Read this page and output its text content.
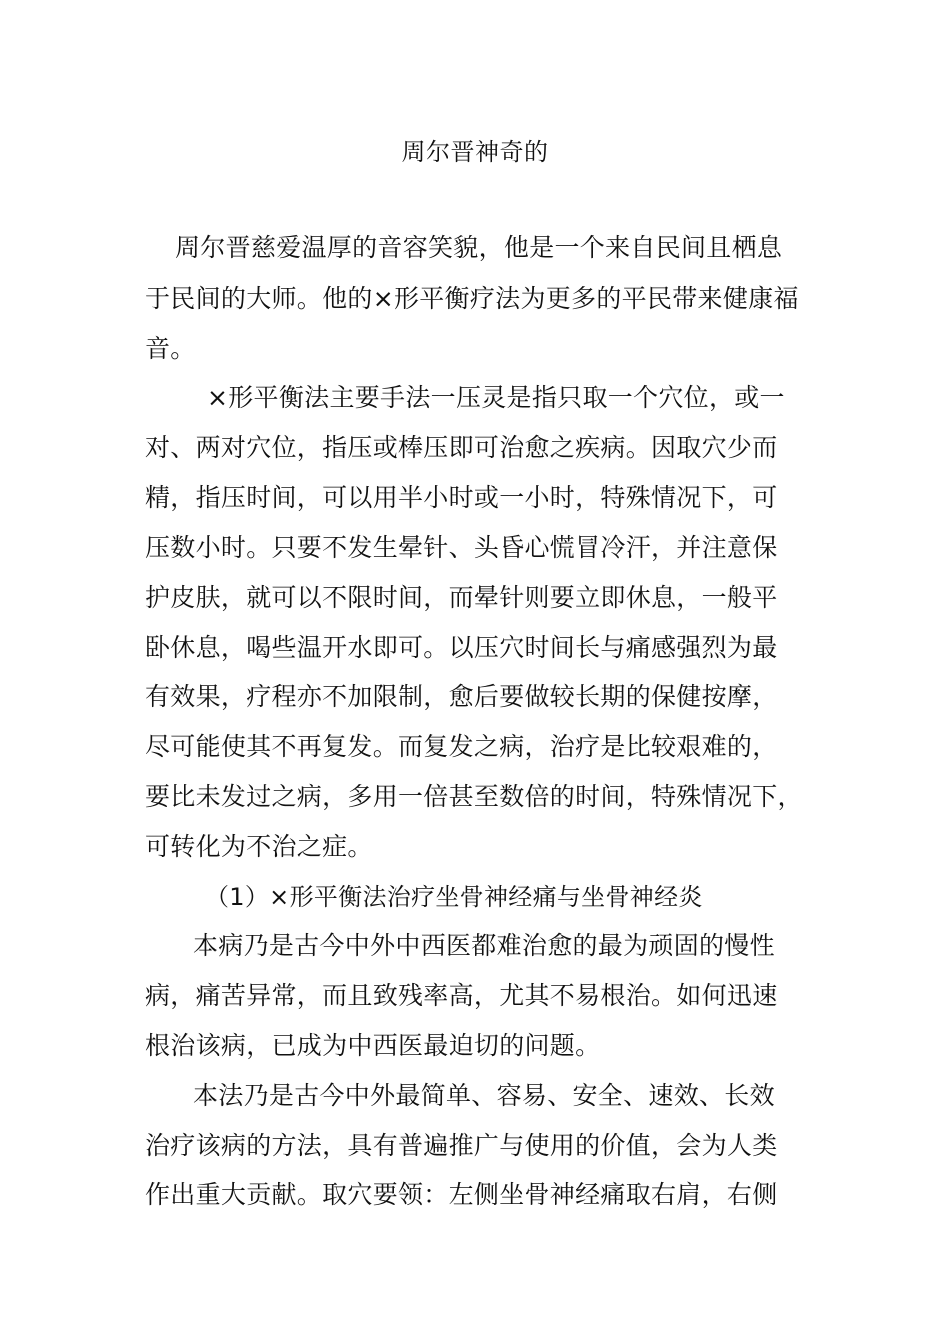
周尔晋神奇的
周尔晋慈爱温厚的音容笑貌，他是一个来自民间且栖息
于民间的大师。他的×形平衡疗法为更多的平民带来健康福
音。
×形平衡法主要手法一压灵是指只取一个穴位，或一
对、两对穴位，指压或棒压即可治愈之疾病。因取穴少而
精，指压时间，可以用半小时或一小时，特殊情况下，可
压数小时。只要不发生晕针、头昏心慌冒冷汗，并注意保
护皮肤，就可以不限时间，而晕针则要立即休息，一般平
卧休息，喝些温开水即可。以压穴时间长与痛感强烈为最
有效果，疗程亦不加限制，愈后要做较长期的保健按摩，
尽可能使其不再复发。而复发之病，治疗是比较艰难的，
要比未发过之病，多用一倍甚至数倍的时间，特殊情况下，
可转化为不治之症。
（1）×形平衡法治疗坐骨神经痛与坐骨神经炎
本病乃是古今中外中西医都难治愈的最为顽固的慢性
病，痛苦异常，而且致残率高，尤其不易根治。如何迅速
根治该病，已成为中西医最迫切的问题。
本法乃是古今中外最简单、容易、安全、速效、长效
治疗该病的方法，具有普遍推广与使用的价值，会为人类
作出重大贡献。取穴要领：左侧坐骨神经痛取右肩，右侧
